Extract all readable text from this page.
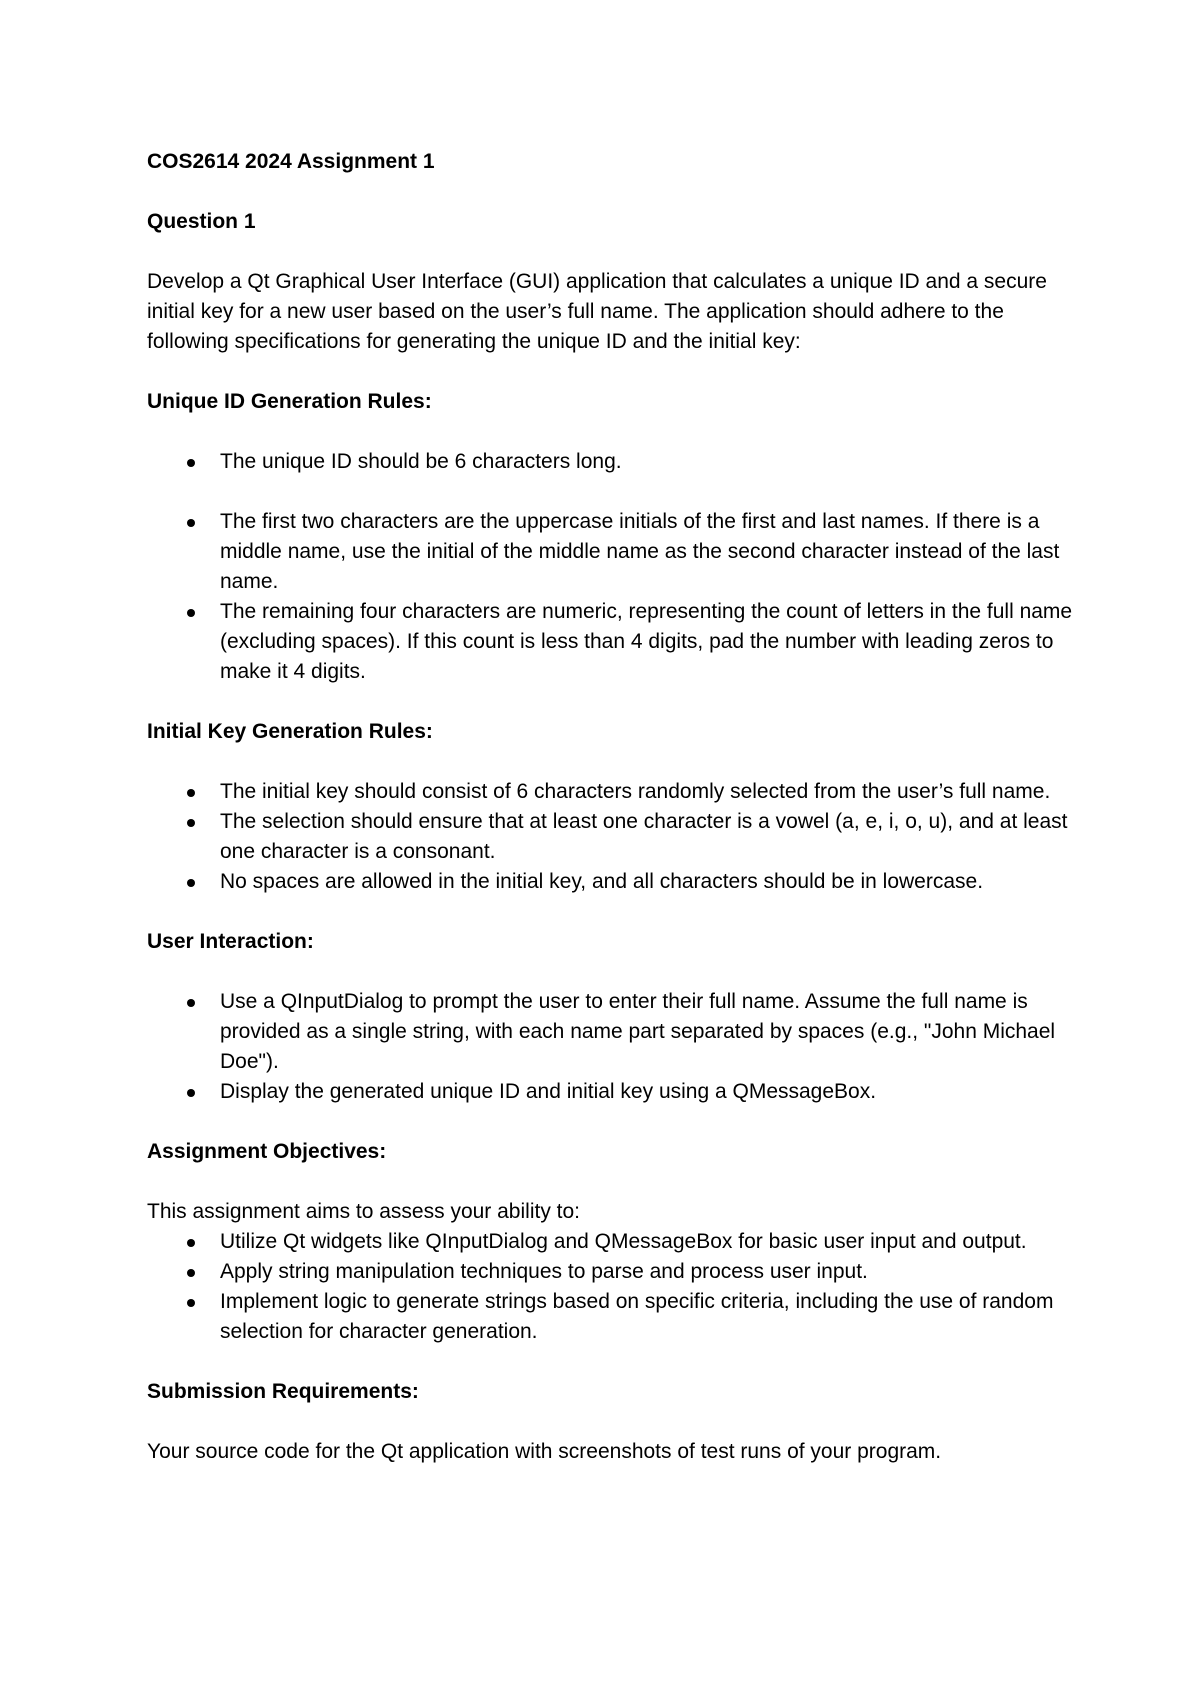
COS2614 2024 Assignment 1

Question 1

Develop a Qt Graphical User Interface (GUI) application that calculates a unique ID and a secure initial key for a new user based on the user’s full name. The application should adhere to the following specifications for generating the unique ID and the initial key:

Unique ID Generation Rules:

The unique ID should be 6 characters long.
The first two characters are the uppercase initials of the first and last names. If there is a middle name, use the initial of the middle name as the second character instead of the last name.
The remaining four characters are numeric, representing the count of letters in the full name (excluding spaces). If this count is less than 4 digits, pad the number with leading zeros to make it 4 digits.

Initial Key Generation Rules:

The initial key should consist of 6 characters randomly selected from the user’s full name.
The selection should ensure that at least one character is a vowel (a, e, i, o, u), and at least one character is a consonant.
No spaces are allowed in the initial key, and all characters should be in lowercase.

User Interaction:

Use a QInputDialog to prompt the user to enter their full name. Assume the full name is provided as a single string, with each name part separated by spaces (e.g., "John Michael Doe").
Display the generated unique ID and initial key using a QMessageBox.

Assignment Objectives:

This assignment aims to assess your ability to:

Utilize Qt widgets like QInputDialog and QMessageBox for basic user input and output.
Apply string manipulation techniques to parse and process user input.
Implement logic to generate strings based on specific criteria, including the use of random selection for character generation.

Submission Requirements:

Your source code for the Qt application with screenshots of test runs of your program.
